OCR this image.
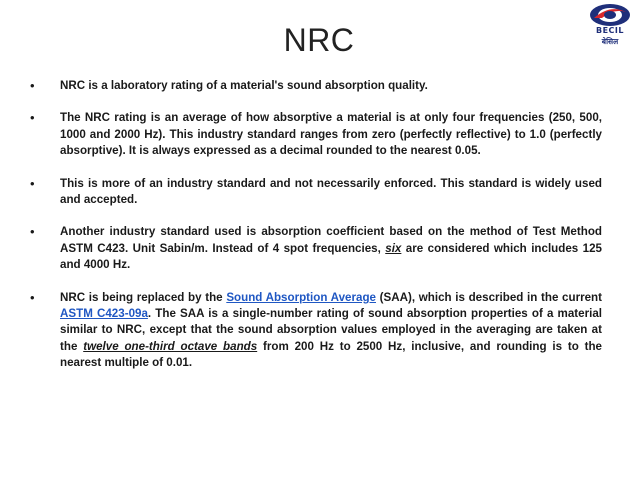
BECIL
बेसिल
NRC
• NRC is a laboratory rating of a material's sound absorption quality.
• The NRC rating is an average of how absorptive a material is at only four frequencies (250, 500, 1000 and 2000 Hz). This industry standard ranges from zero (perfectly reflective) to 1.0 (perfectly absorptive). It is always expressed as a decimal rounded to the nearest 0.05.
• This is more of an industry standard and not necessarily enforced. This standard is widely used and accepted.
• Another industry standard used is absorption coefficient based on the method of Test Method ASTM C423. Unit Sabin/m. Instead of 4 spot frequencies, six are considered which includes 125 and 4000 Hz.
• NRC is being replaced by the Sound Absorption Average (SAA), which is described in the current ASTM C423-09a. The SAA is a single-number rating of sound absorption properties of a material similar to NRC, except that the sound absorption values employed in the averaging are taken at the twelve one-third octave bands from 200 Hz to 2500 Hz, inclusive, and rounding is to the nearest multiple of 0.01.
